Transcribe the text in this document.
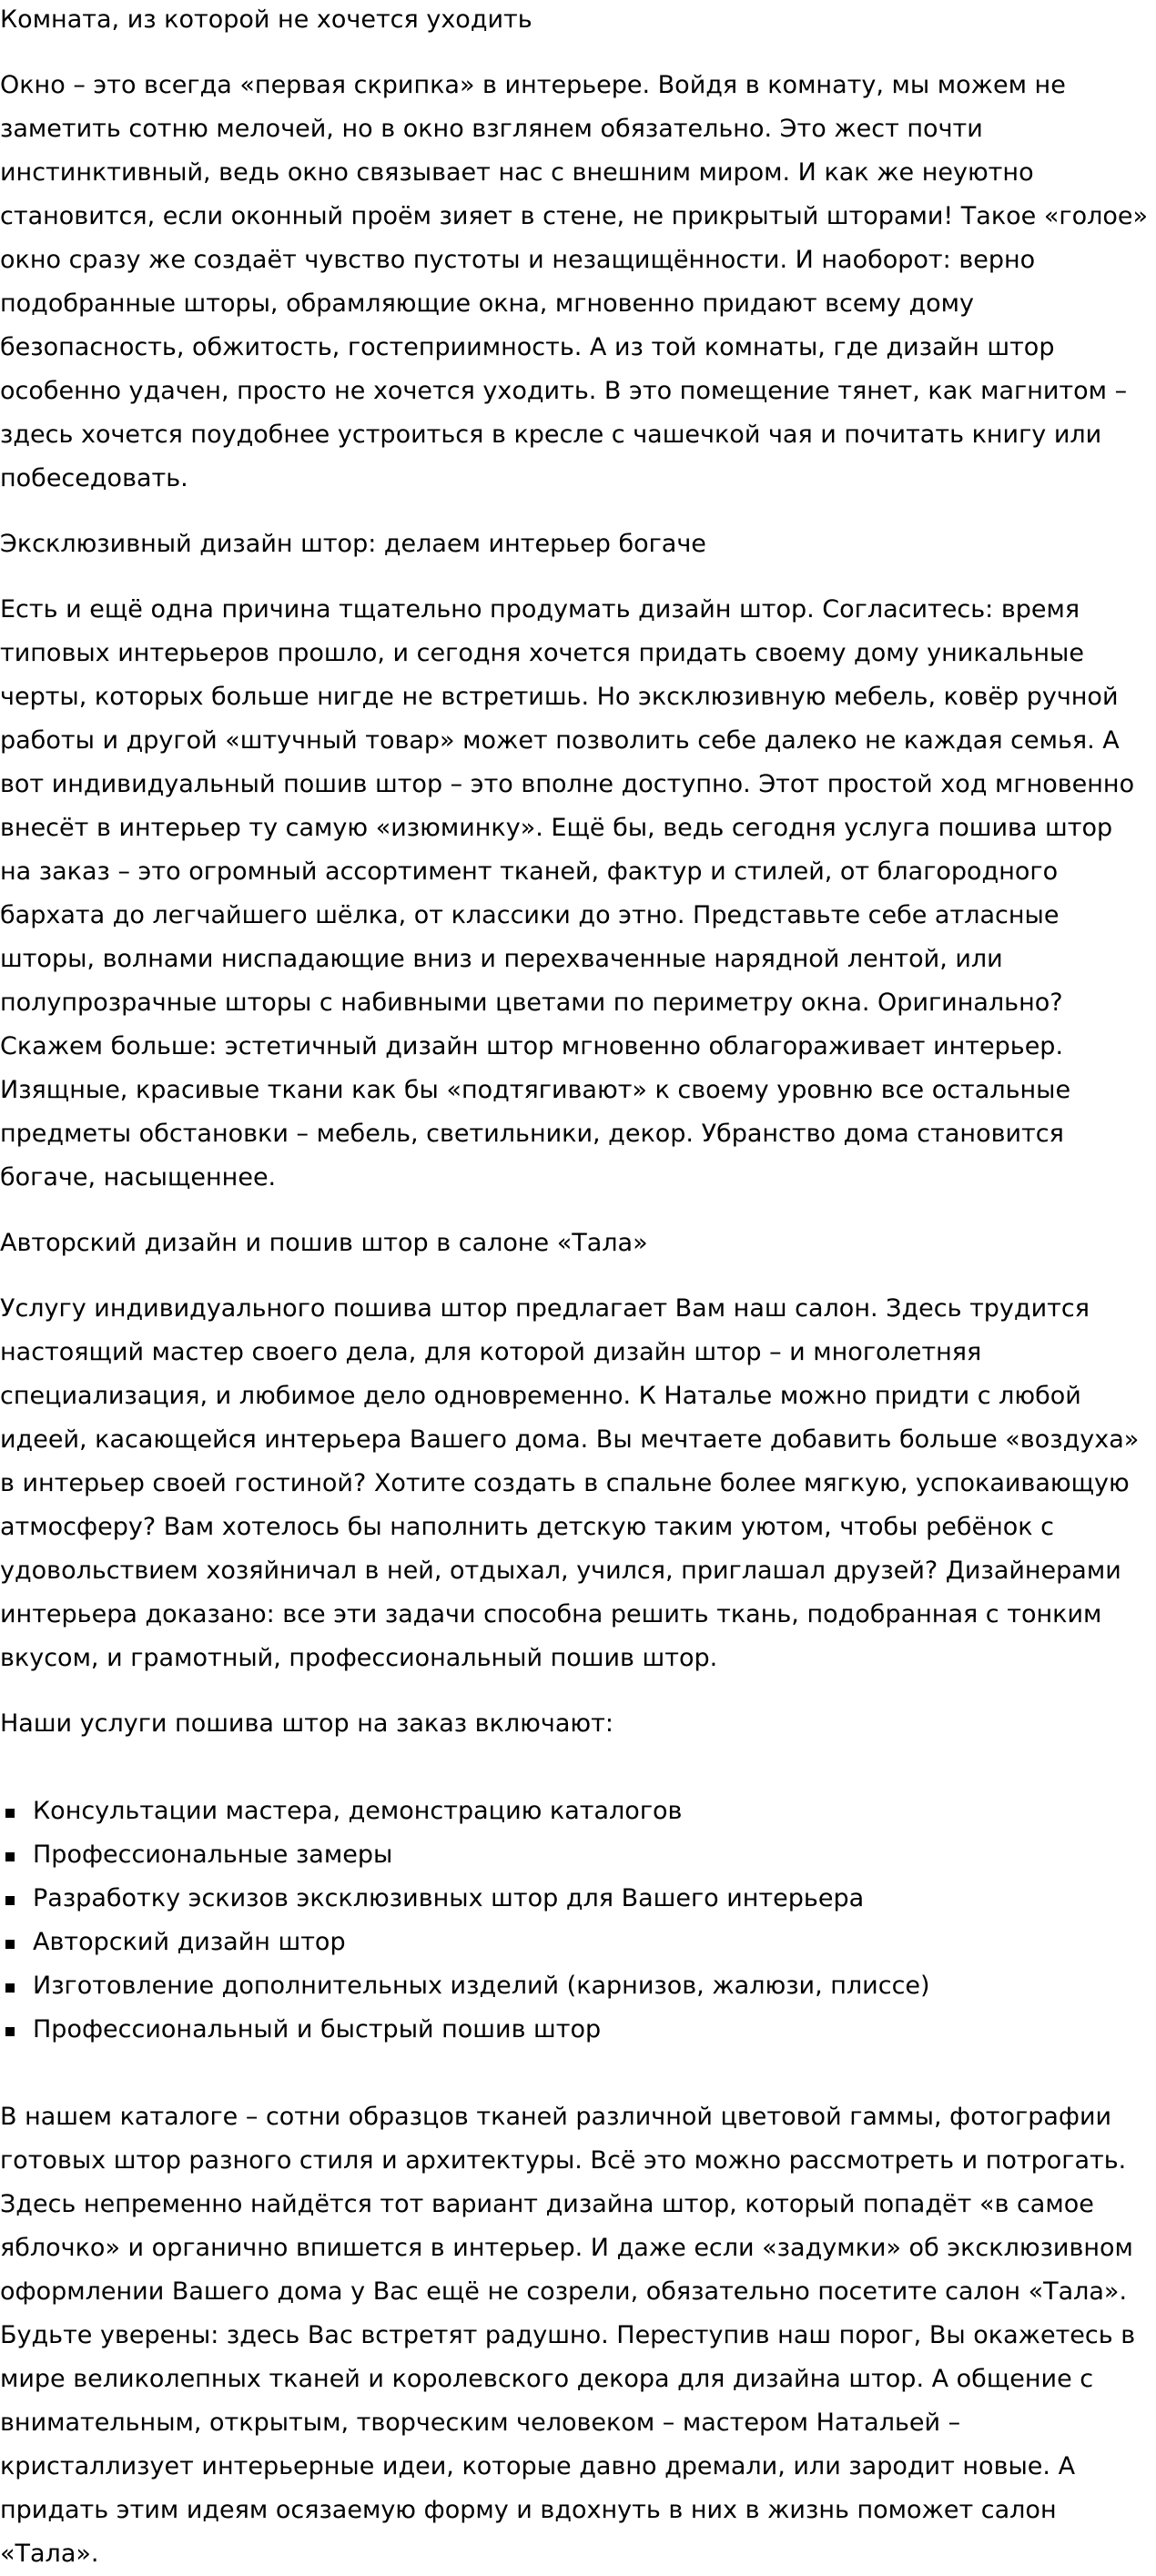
Комната, из которой не хочется уходить

Окно – это всегда «первая скрипка» в интерьере. Войдя в комнату, мы можем не заметить сотню мелочей, но в окно взглянем обязательно. Это жест почти инстинктивный, ведь окно связывает нас с внешним миром. И как же неуютно становится, если оконный проём зияет в стене, не прикрытый шторами! Такое «голое» окно сразу же создаёт чувство пустоты и незащищённости. И наоборот: верно подобранные шторы, обрамляющие окна, мгновенно придают всему дому безопасность, обжитость, гостеприимность. А из той комнаты, где дизайн штор особенно удачен, просто не хочется уходить. В это помещение тянет, как магнитом – здесь хочется поудобнее устроиться в кресле с чашечкой чая и почитать книгу или побеседовать.

Эксклюзивный дизайн штор: делаем интерьер богаче

Есть и ещё одна причина тщательно продумать дизайн штор. Согласитесь: время типовых интерьеров прошло, и сегодня хочется придать своему дому уникальные черты, которых больше нигде не встретишь. Но эксклюзивную мебель, ковёр ручной работы и другой «штучный товар» может позволить себе далеко не каждая семья. А вот индивидуальный пошив штор – это вполне доступно. Этот простой ход мгновенно внесёт в интерьер ту самую «изюминку». Ещё бы, ведь сегодня услуга пошива штор на заказ – это огромный ассортимент тканей, фактур и стилей, от благородного бархата до легчайшего шёлка, от классики до этно. Представьте себе атласные шторы, волнами ниспадающие вниз и перехваченные нарядной лентой, или полупрозрачные шторы с набивными цветами по периметру окна. Оригинально? Скажем больше: эстетичный дизайн штор мгновенно облагораживает интерьер. Изящные, красивые ткани как бы «подтягивают» к своему уровню все остальные предметы обстановки – мебель, светильники, декор. Убранство дома становится богаче, насыщеннее.

Авторский дизайн и пошив штор в салоне «Тала»

Услугу индивидуального пошива штор предлагает Вам наш салон. Здесь трудится настоящий мастер своего дела, для которой дизайн штор – и многолетняя специализация, и любимое дело одновременно. К Наталье можно придти с любой идеей, касающейся интерьера Вашего дома. Вы мечтаете добавить больше «воздуха» в интерьер своей гостиной? Хотите создать в спальне более мягкую, успокаивающую атмосферу? Вам хотелось бы наполнить детскую таким уютом, чтобы ребёнок с удовольствием хозяйничал в ней, отдыхал, учился, приглашал друзей? Дизайнерами интерьера доказано: все эти задачи способна решить ткань, подобранная с тонким вкусом, и грамотный, профессиональный пошив штор.

Наши услуги пошива штор на заказ включают:

Консультации мастера, демонстрацию каталогов
Профессиональные замеры
Разработку эскизов эксклюзивных штор для Вашего интерьера
Авторский дизайн штор
Изготовление дополнительных изделий (карнизов, жалюзи, плиссе)
Профессиональный и быстрый пошив штор

В нашем каталоге – сотни образцов тканей различной цветовой гаммы, фотографии готовых штор разного стиля и архитектуры. Всё это можно рассмотреть и потрогать. Здесь непременно найдётся тот вариант дизайна штор, который попадёт «в самое яблочко» и органично впишется в интерьер. И даже если «задумки» об эксклюзивном оформлении Вашего дома у Вас ещё не созрели, обязательно посетите салон «Тала». Будьте уверены: здесь Вас встретят радушно. Переступив наш порог, Вы окажетесь в мире великолепных тканей и королевского декора для дизайна штор. А общение с внимательным, открытым, творческим человеком – мастером Натальей – кристаллизует интерьерные идеи, которые давно дремали, или зародит новые. А придать этим идеям осязаемую форму и вдохнуть в них в жизнь поможет салон «Тала».
